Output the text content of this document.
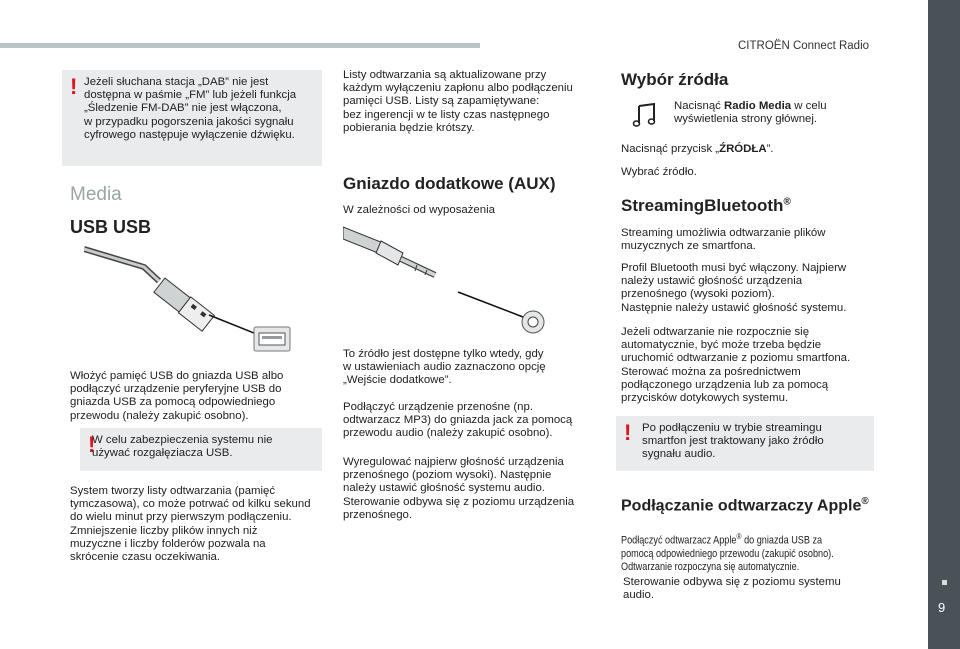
CITROËN Connect Radio
9
! Jeżeli słuchana stacja „DAB” nie jest
dostępna w paśmie „FM” lub jeżeli funkcja
„Śledzenie FM-DAB” nie jest włączona,
w przypadku pogorszenia jakości sygnału
cyfrowego następuje wyłączenie dźwięku.

Media
USB USB

Włożyć pamięć USB do gniazda USB albo
podłączyć urządzenie peryferyjne USB do
gniazda USB za pomocą odpowiedniego
przewodu (należy zakupić osobno).

!

W celu zabezpieczenia systemu nie
używać rozgałęziacza USB.

System tworzy listy odtwarzania (pamięć
tymczasowa), co może potrwać od kilku sekund
do wielu minut przy pierwszym podłączeniu.
Zmniejszenie liczby plików innych niż
muzyczne i liczby folderów pozwala na
skrócenie czasu oczekiwania.

Listy odtwarzania są aktualizowane przy
każdym wyłączeniu zapłonu albo podłączeniu
pamięci USB. Listy są zapamiętywane:
bez ingerencji w te listy czas następnego
pobierania będzie krótszy.

Gniazdo dodatkowe (AUX)

W zależności od wyposażenia

To źródło jest dostępne tylko wtedy, gdy
w ustawieniach audio zaznaczono opcję
„Wejście dodatkowe”.

Podłączyć urządzenie przenośne (np.
odtwarzacz MP3) do gniazda jack za pomocą
przewodu audio (należy zakupić osobno).

Wyregulować najpierw głośność urządzenia
przenośnego (poziom wysoki). Następnie
należy ustawić głośność systemu audio.
Sterowanie odbywa się z poziomu urządzenia
przenośnego.

Wybór źródła

Nacisnąć Radio Media w celu
wyświetlenia strony głównej.

Nacisnąć przycisk „ŹRÓDŁA”.

Wybrać źródło.

StreamingBluetooth®

Streaming umożliwia odtwarzanie plików
muzycznych ze smartfona.

Profil Bluetooth musi być włączony. Najpierw
należy ustawić głośność urządzenia
przenośnego (wysoki poziom).
Następnie należy ustawić głośność systemu.

Jeżeli odtwarzanie nie rozpocznie się
automatycznie, być może trzeba będzie
uruchomić odtwarzanie z poziomu smartfona.
Sterować można za pośrednictwem
podłączonego urządzenia lub za pomocą
przycisków dotykowych systemu.

! Po podłączeniu w trybie streamingu
smartfon jest traktowany jako źródło
sygnału audio.

Podłączanie odtwarzaczy Apple®
Podłączyć odtwarzacz Apple® do gniazda USB za
pomocą odpowiedniego przewodu (zakupić osobno).
Odtwarzanie rozpoczyna się automatycznie.

Sterowanie odbywa się z poziomu systemu
audio.
